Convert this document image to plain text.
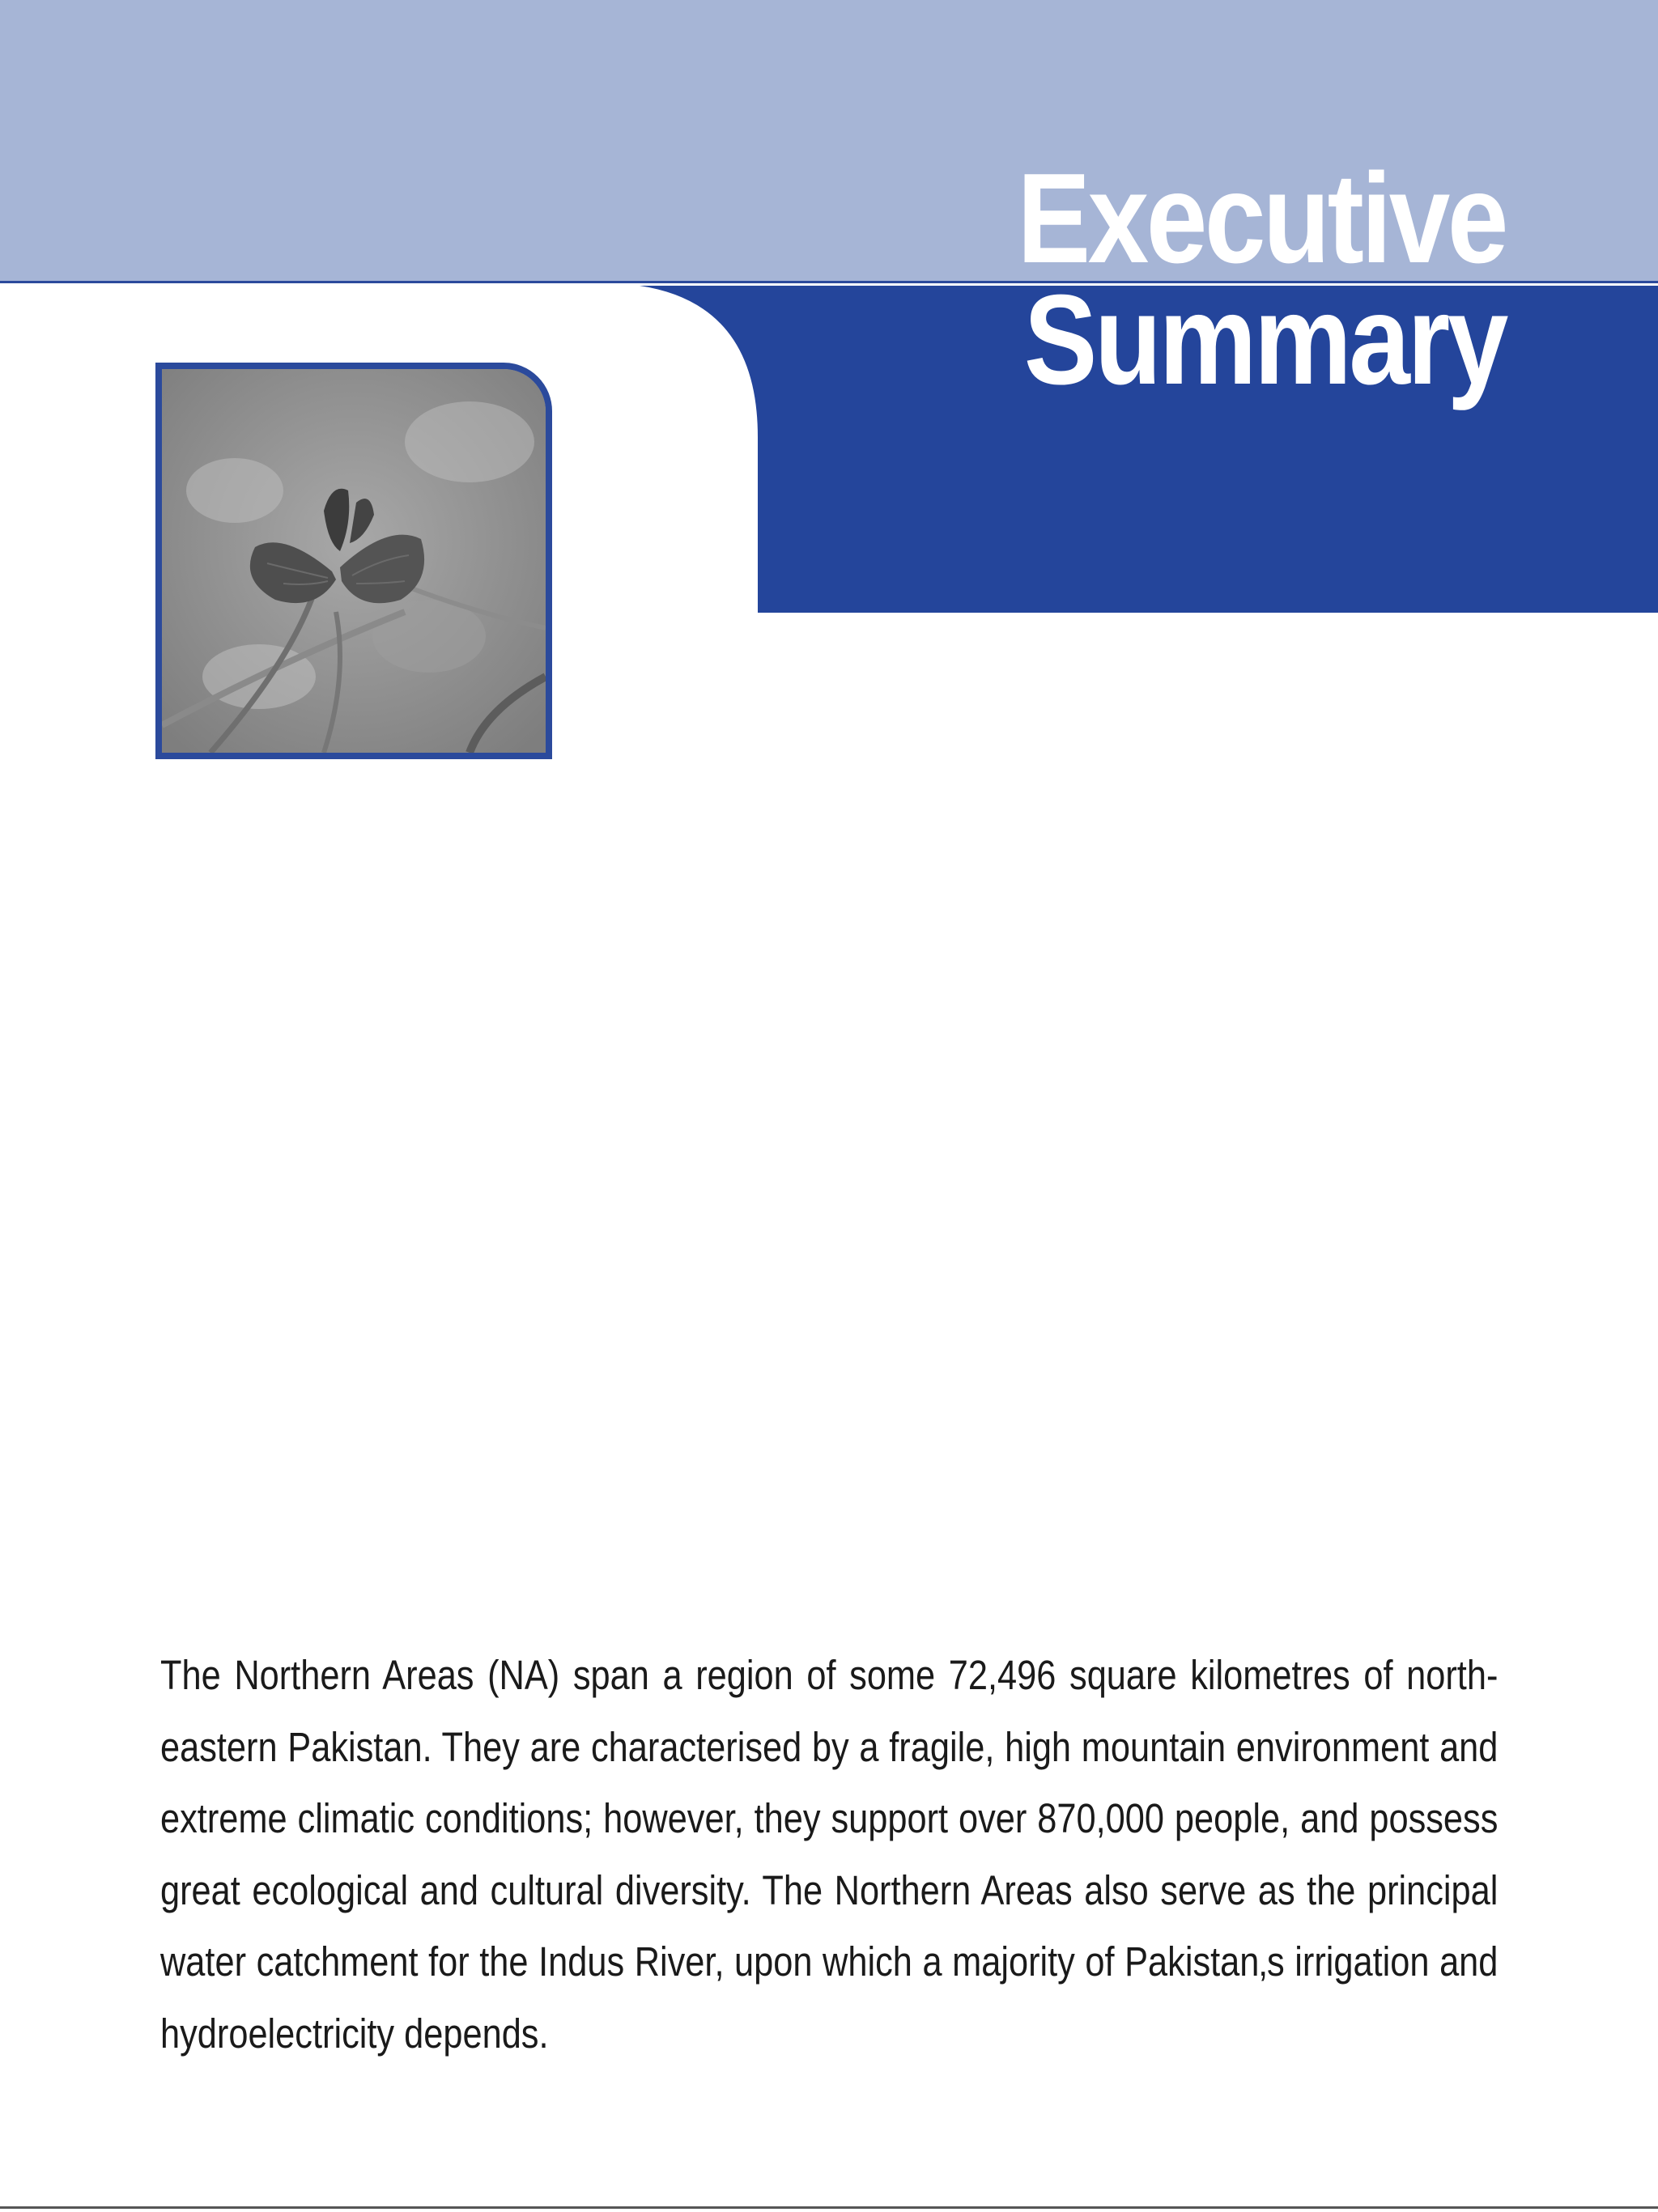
Executive
Summary
The Northern Areas (NA) span a region of some 72,496 square kilometres of north-eastern Pakistan. They are characterised by a fragile, high mountain environment and extreme climatic conditions; however, they support over 870,000 people, and possess great ecological and cultural diversity. The Northern Areas also serve as the principal water catchment for the Indus River, upon which a majority of Pakistan‚s irrigation and hydroelectricity depends.
